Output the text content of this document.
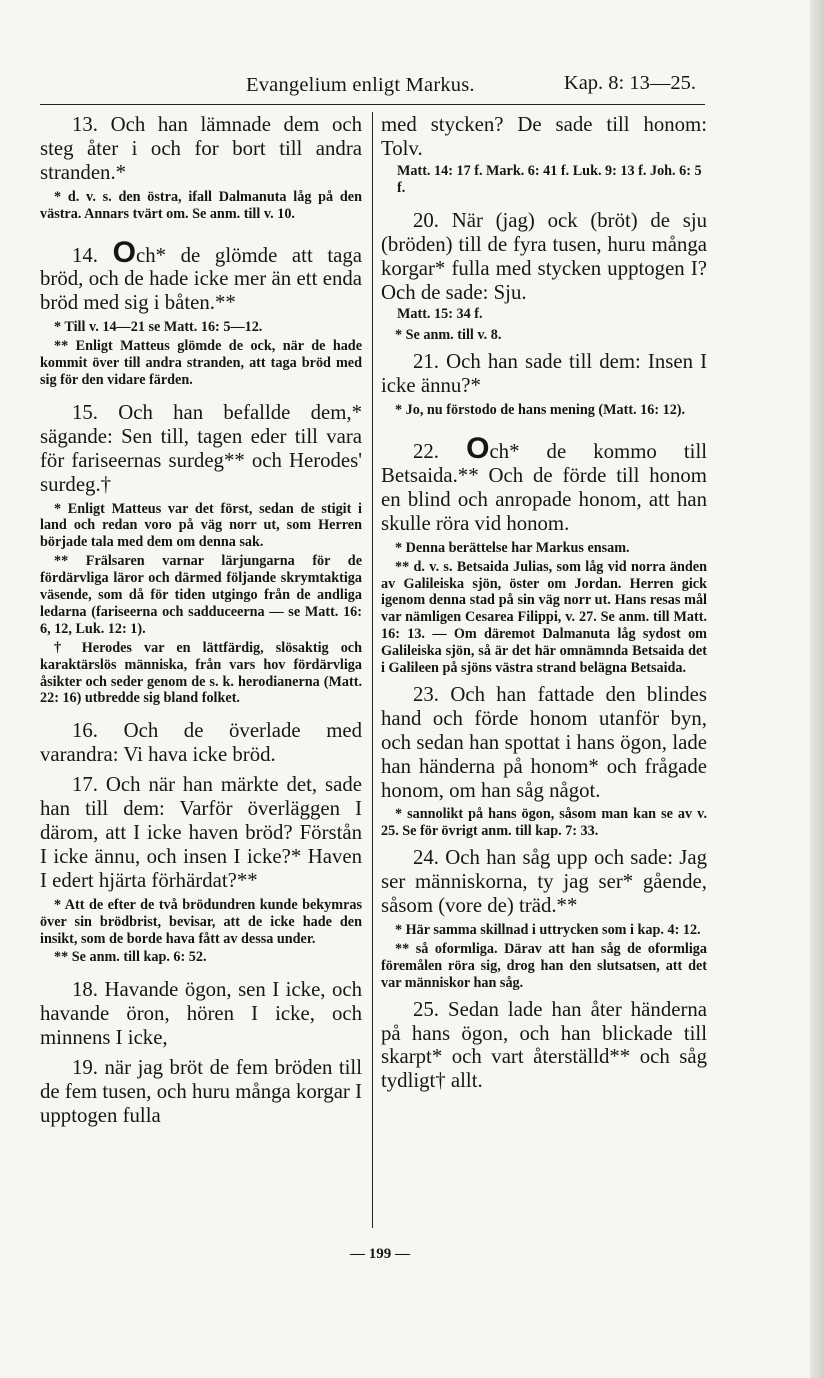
Evangelium enligt Markus.	Kap. 8: 13—25.

13. Och han lämnade dem och steg åter i och for bort till andra stranden.*

* d. v. s. den östra, ifall Dalmanuta låg på den västra. Annars tvärt om. Se anm. till v. 10.

14. Och* de glömde att taga bröd, och de hade icke mer än ett enda bröd med sig i båten.**

* Till v. 14—21 se Matt. 16: 5—12.

** Enligt Matteus glömde de ock, när de hade kommit över till andra stranden, att taga bröd med sig för den vidare färden.

15. Och han befallde dem,* sägande: Sen till, tagen eder till vara för fariseernas surdeg** och Herodes' surdeg.†

* Enligt Matteus var det först, sedan de stigit i land och redan voro på väg norr ut, som Herren började tala med dem om denna sak.

** Frälsaren varnar lärjungarna för de fördärvliga läror och därmed följande skrymtaktiga väsende, som då för tiden utgingo från de andliga ledarna (fariseerna och sadduceerna — se Matt. 16: 6, 12, Luk. 12: 1).

† Herodes var en lättfärdig, slösaktig och karaktärslös människa, från vars hov fördärvliga åsikter och seder genom de s. k. herodianerna (Matt. 22: 16) utbredde sig bland folket.

16. Och de överlade med varandra: Vi hava icke bröd.

17. Och när han märkte det, sade han till dem: Varför överläggen I därom, att I icke haven bröd? Förstån I icke ännu, och insen I icke?* Haven I edert hjärta förhärdat?**

* Att de efter de två brödundren kunde bekymras över sin brödbrist, bevisar, att de icke hade den insikt, som de borde hava fått av dessa under.

** Se anm. till kap. 6: 52.

18. Havande ögon, sen I icke, och havande öron, hören I icke, och minnens I icke,

19. när jag bröt de fem bröden till de fem tusen, och huru många korgar I upptogen fulla

med stycken? De sade till honom: Tolv.

Matt. 14: 17 f. Mark. 6: 41 f. Luk. 9: 13 f. Joh. 6: 5 f.

20. När (jag) ock (bröt) de sju (bröden) till de fyra tusen, huru många korgar* fulla med stycken upptogen I? Och de sade: Sju.

Matt. 15: 34 f.

* Se anm. till v. 8.

21. Och han sade till dem: Insen I icke ännu?*

* Jo, nu förstodo de hans mening (Matt. 16: 12).

22. Och* de kommo till Betsaida.** Och de förde till honom en blind och anropade honom, att han skulle röra vid honom.

* Denna berättelse har Markus ensam.

** d. v. s. Betsaida Julias, som låg vid norra änden av Galileiska sjön, öster om Jordan. Herren gick igenom denna stad på sin väg norr ut. Hans resas mål var nämligen Cesarea Filippi, v. 27. Se anm. till Matt. 16: 13. — Om däremot Dalmanuta låg sydost om Galileiska sjön, så är det här omnämnda Betsaida det i Galileen på sjöns västra strand belägna Betsaida.

23. Och han fattade den blindes hand och förde honom utanför byn, och sedan han spottat i hans ögon, lade han händerna på honom* och frågade honom, om han såg något.

* sannolikt på hans ögon, såsom man kan se av v. 25. Se för övrigt anm. till kap. 7: 33.

24. Och han såg upp och sade: Jag ser människorna, ty jag ser* gående, såsom (vore de) träd.**

* Här samma skillnad i uttrycken som i kap. 4: 12.

** så oformliga. Därav att han såg de oformliga föremålen röra sig, drog han den slutsatsen, att det var människor han såg.

25. Sedan lade han åter händerna på hans ögon, och han blickade till skarpt* och vart återställd** och såg tydligt† allt.

— 199 —
